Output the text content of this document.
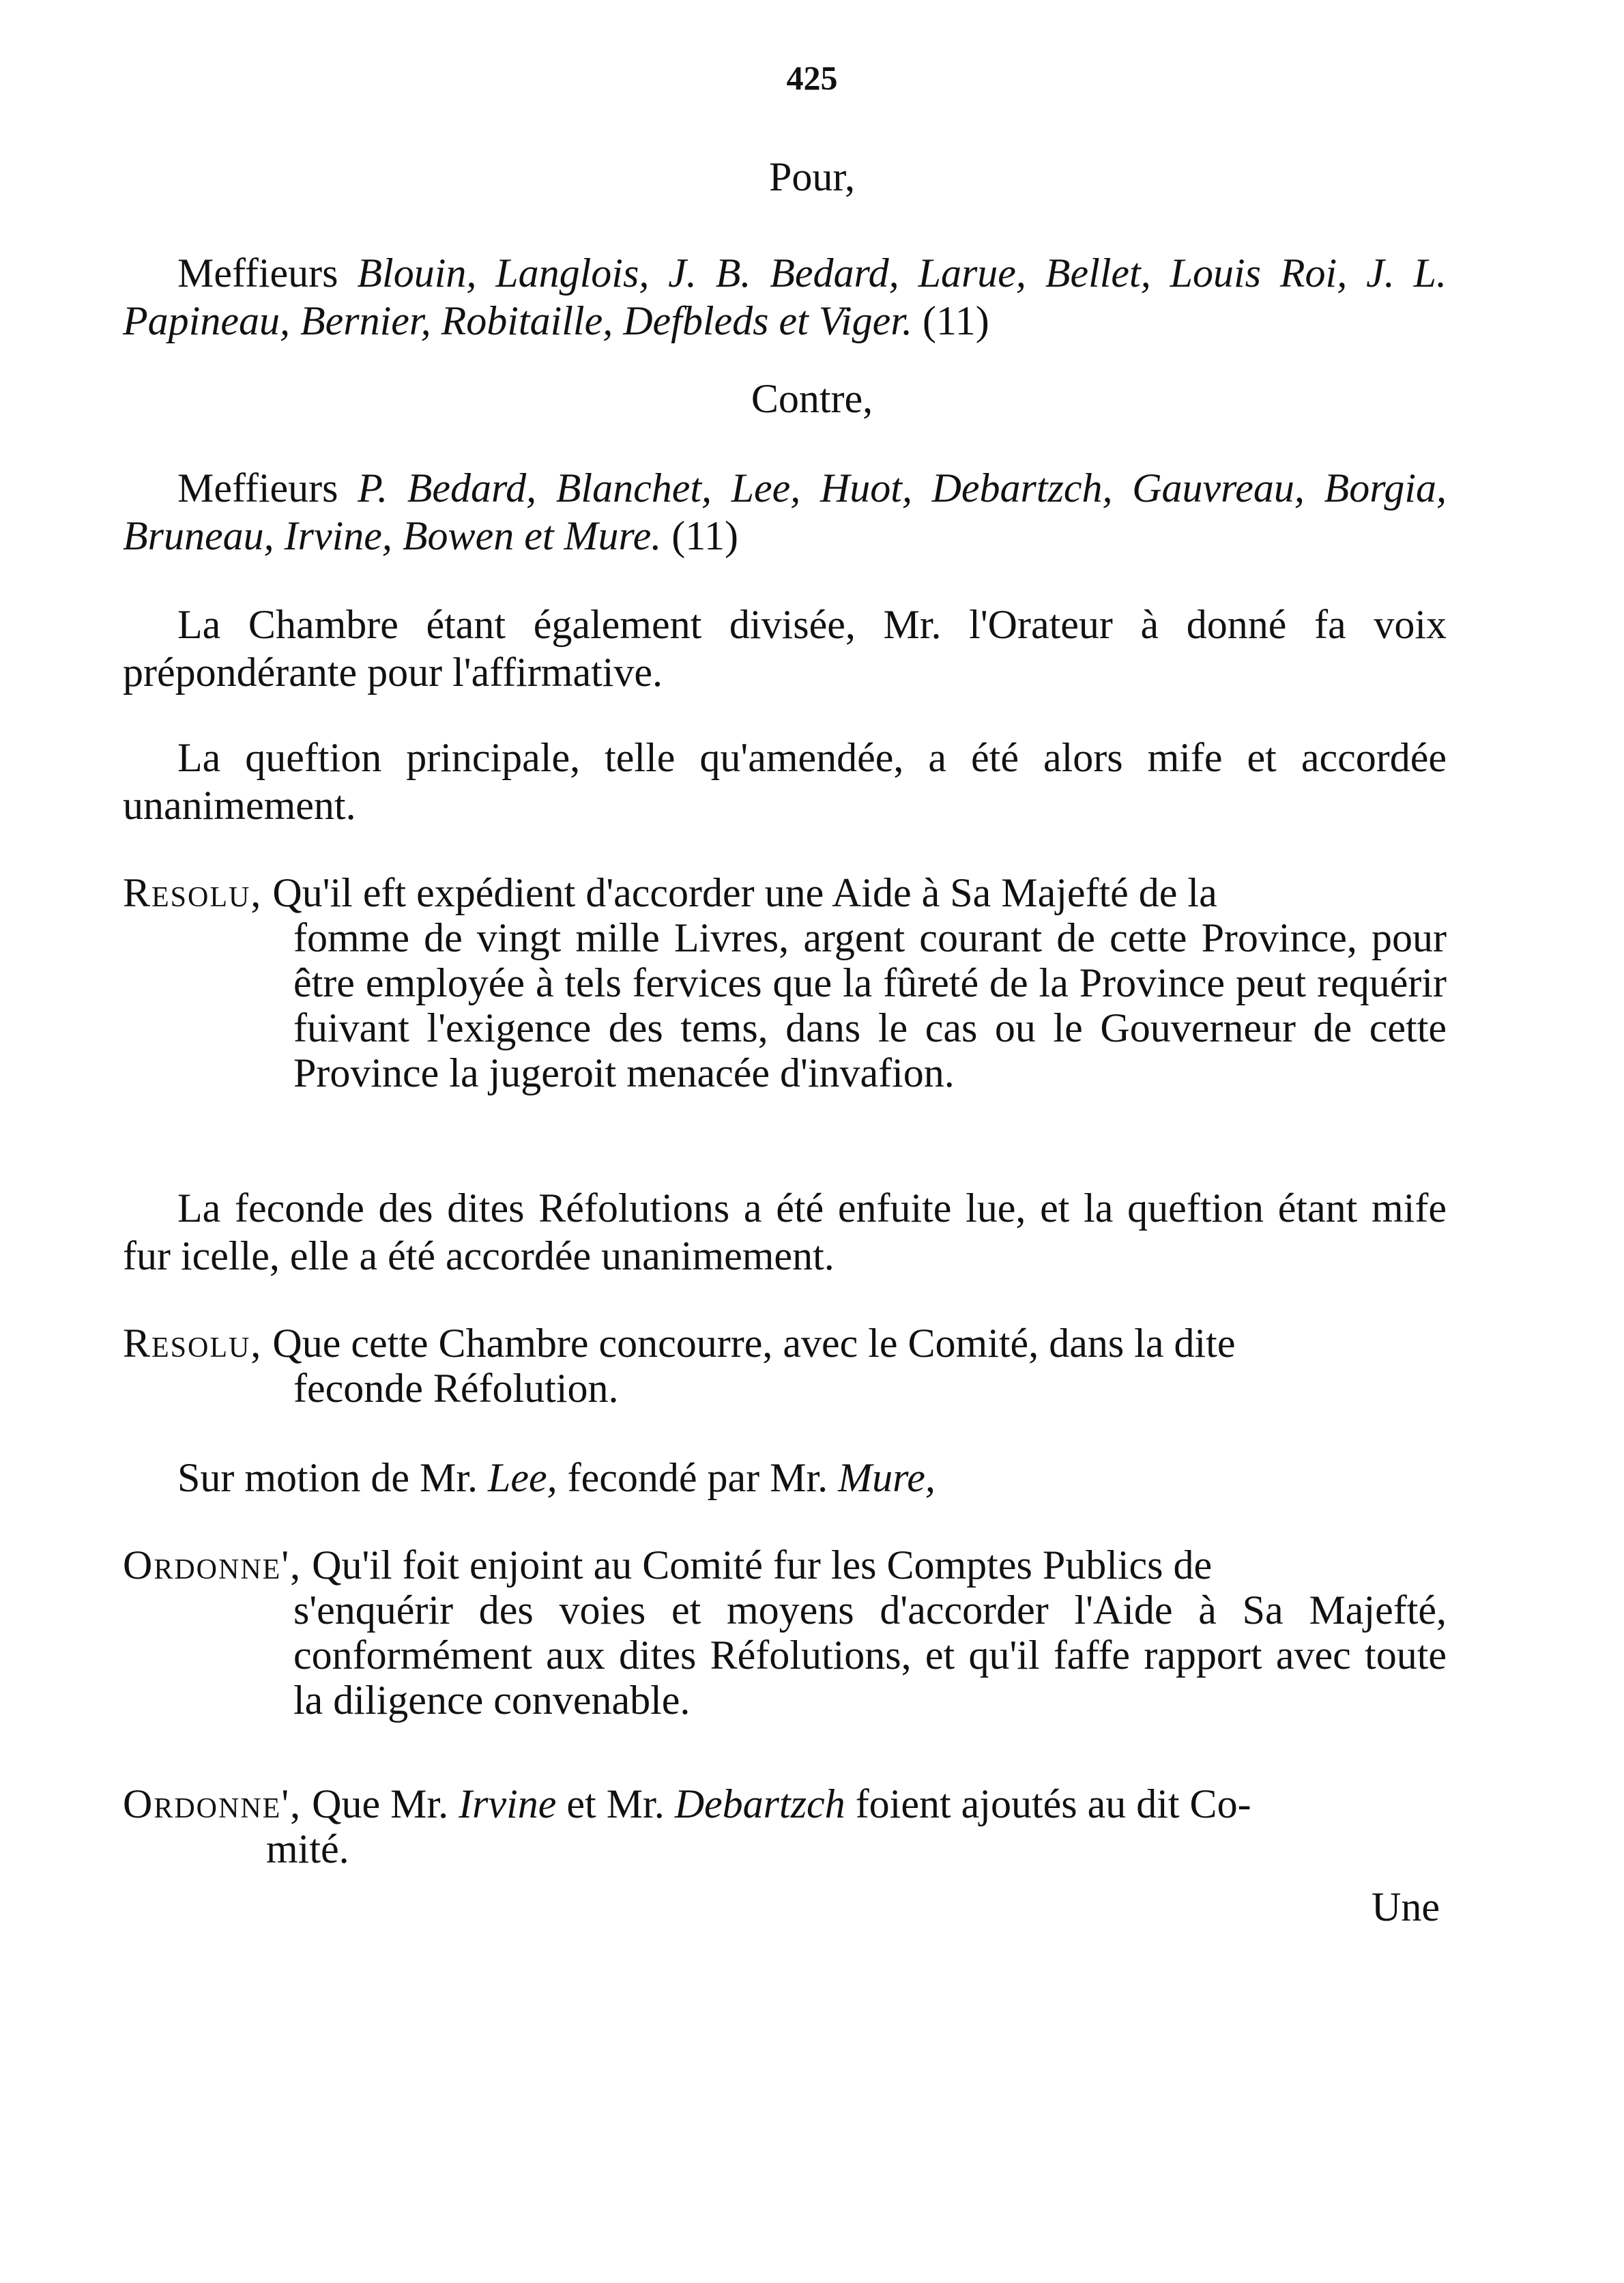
425
Pour,
Meffieurs Blouin, Langlois, J. B. Bedard, Larue, Bellet, Louis Roi, J. L. Papineau, Bernier, Robitaille, Defbleds et Viger. (11)
Contre,
Meffieurs P. Bedard, Blanchet, Lee, Huot, Debartzch, Gauvreau, Borgia, Bruneau, Irvine, Bowen et Mure. (11)
La Chambre étant également divisée, Mr. l'Orateur à donné fa voix prépondérante pour l'affirmative.
La queftion principale, telle qu'amendée, a été alors mife et accordée unanimement.
Resolu, Qu'il eft expédient d'accorder une Aide à Sa Majefté de la
fomme de vingt mille Livres, argent courant de cette Province, pour être employée à tels fervices que la fûreté de la Province peut requérir fuivant l'exigence des tems, dans le cas ou le Gouverneur de cette Province la jugeroit menacée d'invafion.
La feconde des dites Réfolutions a été enfuite lue, et la queftion étant mife fur icelle, elle a été accordée unanimement.
Resolu, Que cette Chambre concourre, avec le Comité, dans la dite
feconde Réfolution.
Sur motion de Mr. Lee, fecondé par Mr. Mure,
Ordonne', Qu'il foit enjoint au Comité fur les Comptes Publics de
s'enquérir des voies et moyens d'accorder l'Aide à Sa Majefté, conformément aux dites Réfolutions, et qu'il faffe rapport avec toute la diligence convenable.
Ordonne', Que Mr. Irvine et Mr. Debartzch foient ajoutés au dit Co-
mité.
Une
